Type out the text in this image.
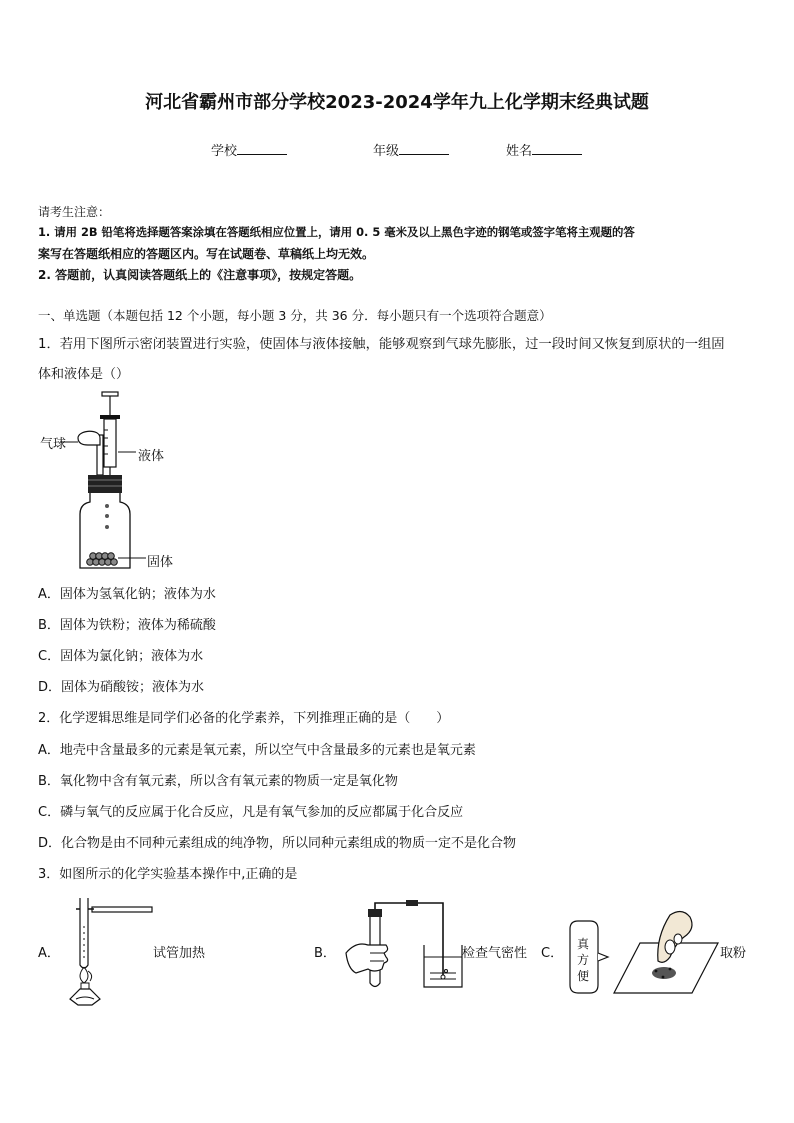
河北省霸州市部分学校2023-2024学年九上化学期末经典试题
学校	年级	姓名
请考生注意：
1. 请用 2B 铅笔将选择题答案涂填在答题纸相应位置上，请用 0. 5 毫米及以上黑色字迹的钢笔或签字笔将主观题的答
案写在答题纸相应的答题区内。写在试题卷、草稿纸上均无效。
2. 答题前，认真阅读答题纸上的《注意事项》，按规定答题。
一、单选题（本题包括 12 个小题，每小题 3 分，共 36 分．每小题只有一个选项符合题意）
1．若用下图所示密闭装置进行实验，使固体与液体接触，能够观察到气球先膨胀，过一段时间又恢复到原状的一组固
体和液体是（）
气球
液体
固体
A．固体为氢氧化钠；液体为水
B．固体为铁粉；液体为稀硫酸
C．固体为氯化钠；液体为水
D．固体为硝酸铵；液体为水
2．化学逻辑思维是同学们必备的化学素养，下列推理正确的是（　　）
A．地壳中含量最多的元素是氧元素，所以空气中含量最多的元素也是氧元素
B．氧化物中含有氧元素，所以含有氧元素的物质一定是氧化物
C．磷与氧气的反应属于化合反应，凡是有氧气参加的反应都属于化合反应
D．化合物是由不同种元素组成的纯净物，所以同种元素组成的物质一定不是化合物
3．如图所示的化学实验基本操作中,正确的是
A．	试管加热	B．	检查气密性 C．
真方便
取粉
